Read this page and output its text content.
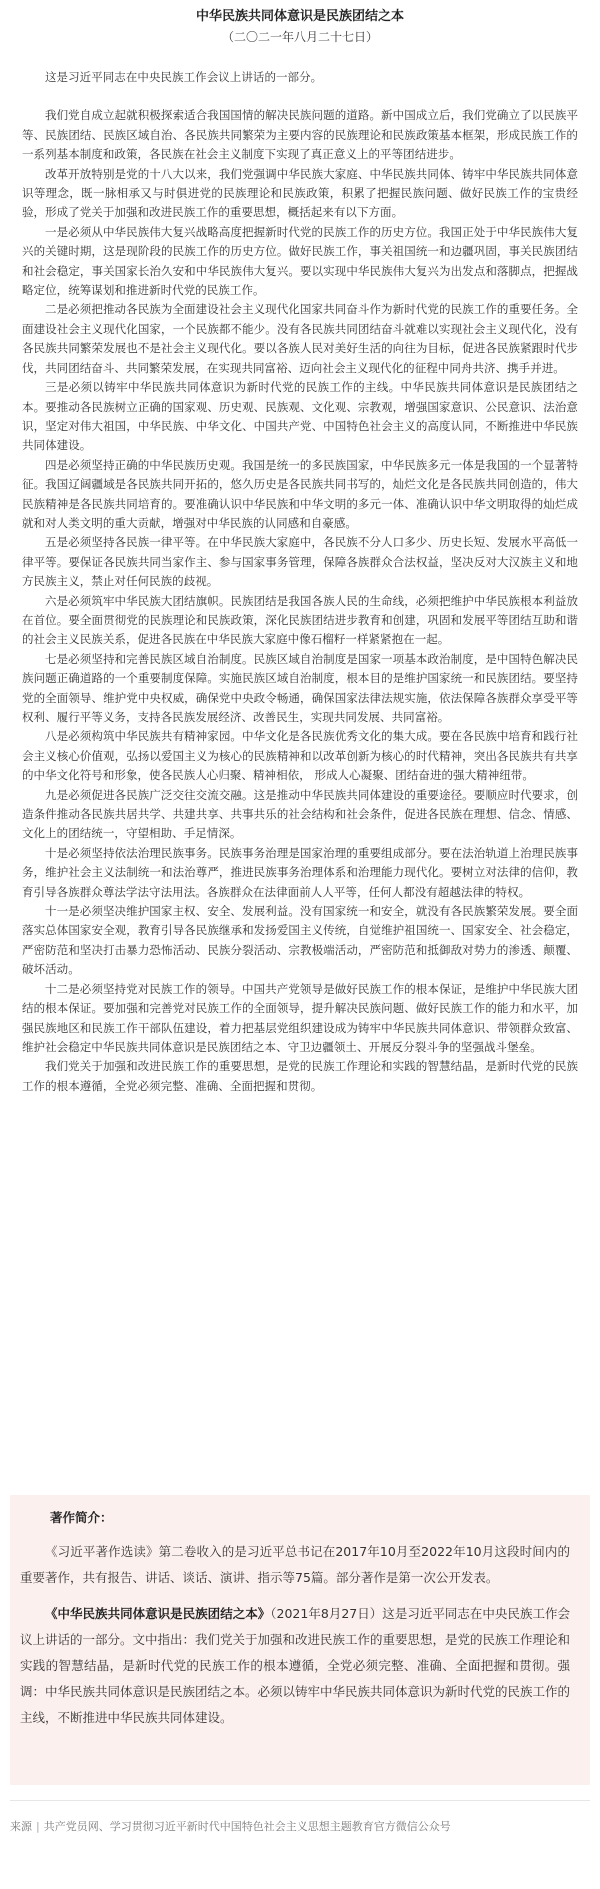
中华民族共同体意识是民族团结之本

（二〇二一年八月二十七日）

这是习近平同志在中央民族工作会议上讲话的一部分。

我们党自成立起就积极探索适合我国国情的解决民族问题的道路。新中国成立后，我们党确立了以民族平等、民族团结、民族区域自治、各民族共同繁荣为主要内容的民族理论和民族政策基本框架，形成民族工作的一系列基本制度和政策，各民族在社会主义制度下实现了真正意义上的平等团结进步。

改革开放特别是党的十八大以来，我们党强调中华民族大家庭、中华民族共同体、铸牢中华民族共同体意识等理念，既一脉相承又与时俱进党的民族理论和民族政策，积累了把握民族问题、做好民族工作的宝贵经验，形成了党关于加强和改进民族工作的重要思想，概括起来有以下方面。

一是必须从中华民族伟大复兴战略高度把握新时代党的民族工作的历史方位。我国正处于中华民族伟大复兴的关键时期，这是现阶段的民族工作的历史方位。做好民族工作，事关祖国统一和边疆巩固，事关民族团结和社会稳定，事关国家长治久安和中华民族伟大复兴。要以实现中华民族伟大复兴为出发点和落脚点，把握战略定位，统筹谋划和推进新时代党的民族工作。

二是必须把推动各民族为全面建设社会主义现代化国家共同奋斗作为新时代党的民族工作的重要任务。全面建设社会主义现代化国家，一个民族都不能少。没有各民族共同团结奋斗就难以实现社会主义现代化，没有各民族共同繁荣发展也不是社会主义现代化。要以各族人民对美好生活的向往为目标，促进各民族紧跟时代步伐，共同团结奋斗、共同繁荣发展，在实现共同富裕、迈向社会主义现代化的征程中同舟共济、携手并进。

三是必须以铸牢中华民族共同体意识为新时代党的民族工作的主线。中华民族共同体意识是民族团结之本。要推动各民族树立正确的国家观、历史观、民族观、文化观、宗教观，增强国家意识、公民意识、法治意识，坚定对伟大祖国，中华民族、中华文化、中国共产党、中国特色社会主义的高度认同，不断推进中华民族共同体建设。

四是必须坚持正确的中华民族历史观。我国是统一的多民族国家，中华民族多元一体是我国的一个显著特征。我国辽阔疆域是各民族共同开拓的，悠久历史是各民族共同书写的，灿烂文化是各民族共同创造的，伟大民族精神是各民族共同培育的。要准确认识中华民族和中华文明的多元一体、准确认识中华文明取得的灿烂成就和对人类文明的重大贡献，增强对中华民族的认同感和自豪感。

五是必须坚持各民族一律平等。在中华民族大家庭中，各民族不分人口多少、历史长短、发展水平高低一律平等。要保证各民族共同当家作主、参与国家事务管理，保障各族群众合法权益，坚决反对大汉族主义和地方民族主义，禁止对任何民族的歧视。

六是必须筑牢中华民族大团结旗帜。民族团结是我国各族人民的生命线，必须把维护中华民族根本利益放在首位。要全面贯彻党的民族理论和民族政策，深化民族团结进步教育和创建，巩固和发展平等团结互助和谐的社会主义民族关系，促进各民族在中华民族大家庭中像石榴籽一样紧紧抱在一起。

七是必须坚持和完善民族区域自治制度。民族区域自治制度是国家一项基本政治制度，是中国特色解决民族问题正确道路的一个重要制度保障。实施民族区域自治制度，根本目的是维护国家统一和民族团结。要坚持党的全面领导、维护党中央权威，确保党中央政令畅通，确保国家法律法规实施，依法保障各族群众享受平等权利、履行平等义务，支持各民族发展经济、改善民生，实现共同发展、共同富裕。

八是必须构筑中华民族共有精神家园。中华文化是各民族优秀文化的集大成。要在各民族中培育和践行社会主义核心价值观，弘扬以爱国主义为核心的民族精神和以改革创新为核心的时代精神，突出各民族共有共享的中华文化符号和形象，使各民族人心归聚、精神相依， 形成人心凝聚、团结奋进的强大精神纽带。

九是必须促进各民族广泛交往交流交融。这是推动中华民族共同体建设的重要途径。要顺应时代要求，创造条件推动各民族共居共学、共建共享、共事共乐的社会结构和社会条件，促进各民族在理想、信念、情感、文化上的团结统一，守望相助、手足情深。

十是必须坚持依法治理民族事务。民族事务治理是国家治理的重要组成部分。要在法治轨道上治理民族事务，维护社会主义法制统一和法治尊严，推进民族事务治理体系和治理能力现代化。要树立对法律的信仰，教育引导各族群众尊法学法守法用法。各族群众在法律面前人人平等，任何人都没有超越法律的特权。

十一是必须坚决维护国家主权、安全、发展利益。没有国家统一和安全，就没有各民族繁荣发展。要全面落实总体国家安全观，教育引导各民族继承和发扬爱国主义传统，自觉维护祖国统一、国家安全、社会稳定，严密防范和坚决打击暴力恐怖活动、民族分裂活动、宗教极端活动，严密防范和抵御敌对势力的渗透、颠覆、破坏活动。

十二是必须坚持党对民族工作的领导。中国共产党领导是做好民族工作的根本保证，是维护中华民族大团结的根本保证。要加强和完善党对民族工作的全面领导，提升解决民族问题、做好民族工作的能力和水平，加强民族地区和民族工作干部队伍建设，着力把基层党组织建设成为铸牢中华民族共同体意识、带领群众致富、维护社会稳定中华民族共同体意识是民族团结之本、守卫边疆领土、开展反分裂斗争的坚强战斗堡垒。

我们党关于加强和改进民族工作的重要思想，是党的民族工作理论和实践的智慧结晶，是新时代党的民族工作的根本遵循，全党必须完整、准确、全面把握和贯彻。

著作简介：

《习近平著作选读》第二卷收入的是习近平总书记在2017年10月至2022年10月这段时间内的重要著作，共有报告、讲话、谈话、演讲、指示等75篇。部分著作是第一次公开发表。

《中华民族共同体意识是民族团结之本》（2021年8月27日）这是习近平同志在中央民族工作会议上讲话的一部分。文中指出：我们党关于加强和改进民族工作的重要思想，是党的民族工作理论和实践的智慧结晶，是新时代党的民族工作的根本遵循，全党必须完整、准确、全面把握和贯彻。强调：中华民族共同体意识是民族团结之本。必须以铸牢中华民族共同体意识为新时代党的民族工作的主线，不断推进中华民族共同体建设。

来源 | 共产党员网、学习贯彻习近平新时代中国特色社会主义思想主题教育官方微信公众号
